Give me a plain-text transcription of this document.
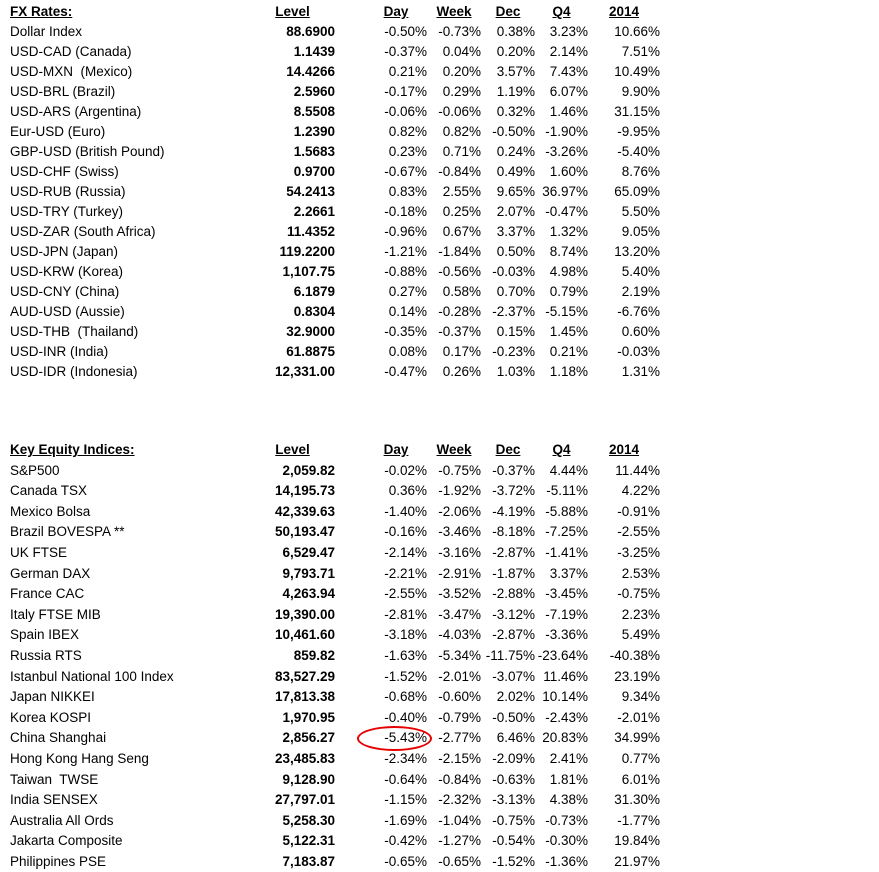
FX Rates:	Level		Day	Week	Dec	Q4	2014
Dollar Index	88.6900		-0.50%	-0.73%	0.38%	3.23%	10.66%
USD-CAD (Canada)	1.1439		-0.37%	0.04%	0.20%	2.14%	7.51%
USD-MXN  (Mexico)	14.4266		0.21%	0.20%	3.57%	7.43%	10.49%
USD-BRL (Brazil)	2.5960		-0.17%	0.29%	1.19%	6.07%	9.90%
USD-ARS (Argentina)	8.5508		-0.06%	-0.06%	0.32%	1.46%	31.15%
Eur-USD (Euro)	1.2390		0.82%	0.82%	-0.50%	-1.90%	-9.95%
GBP-USD (British Pound)	1.5683		0.23%	0.71%	0.24%	-3.26%	-5.40%
USD-CHF (Swiss)	0.9700		-0.67%	-0.84%	0.49%	1.60%	8.76%
USD-RUB (Russia)	54.2413		0.83%	2.55%	9.65%	36.97%	65.09%
USD-TRY (Turkey)	2.2661		-0.18%	0.25%	2.07%	-0.47%	5.50%
USD-ZAR (South Africa)	11.4352		-0.96%	0.67%	3.37%	1.32%	9.05%
USD-JPN (Japan)	119.2200		-1.21%	-1.84%	0.50%	8.74%	13.20%
USD-KRW (Korea)	1,107.75		-0.88%	-0.56%	-0.03%	4.98%	5.40%
USD-CNY (China)	6.1879		0.27%	0.58%	0.70%	0.79%	2.19%
AUD-USD (Aussie)	0.8304		0.14%	-0.28%	-2.37%	-5.15%	-6.76%
USD-THB  (Thailand)	32.9000		-0.35%	-0.37%	0.15%	1.45%	0.60%
USD-INR (India)	61.8875		0.08%	0.17%	-0.23%	0.21%	-0.03%
USD-IDR (Indonesia)	12,331.00		-0.47%	0.26%	1.03%	1.18%	1.31%
Key Equity Indices:	Level		Day	Week	Dec	Q4	2014
S&P500	2,059.82		-0.02%	-0.75%	-0.37%	4.44%	11.44%
Canada TSX	14,195.73		0.36%	-1.92%	-3.72%	-5.11%	4.22%
Mexico Bolsa	42,339.63		-1.40%	-2.06%	-4.19%	-5.88%	-0.91%
Brazil BOVESPA **	50,193.47		-0.16%	-3.46%	-8.18%	-7.25%	-2.55%
UK FTSE	6,529.47		-2.14%	-3.16%	-2.87%	-1.41%	-3.25%
German DAX	9,793.71		-2.21%	-2.91%	-1.87%	3.37%	2.53%
France CAC	4,263.94		-2.55%	-3.52%	-2.88%	-3.45%	-0.75%
Italy FTSE MIB	19,390.00		-2.81%	-3.47%	-3.12%	-7.19%	2.23%
Spain IBEX	10,461.60		-3.18%	-4.03%	-2.87%	-3.36%	5.49%
Russia RTS	859.82		-1.63%	-5.34%	-11.75%	-23.64%	-40.38%
Istanbul National 100 Index	83,527.29		-1.52%	-2.01%	-3.07%	11.46%	23.19%
Japan NIKKEI	17,813.38		-0.68%	-0.60%	2.02%	10.14%	9.34%
Korea KOSPI	1,970.95		-0.40%	-0.79%	-0.50%	-2.43%	-2.01%
China Shanghai	2,856.27		-5.43%	-2.77%	6.46%	20.83%	34.99%
Hong Kong Hang Seng	23,485.83		-2.34%	-2.15%	-2.09%	2.41%	0.77%
Taiwan  TWSE	9,128.90		-0.64%	-0.84%	-0.63%	1.81%	6.01%
India SENSEX	27,797.01		-1.15%	-2.32%	-3.13%	4.38%	31.30%
Australia All Ords	5,258.30		-1.69%	-1.04%	-0.75%	-0.73%	-1.77%
Jakarta Composite	5,122.31		-0.42%	-1.27%	-0.54%	-0.30%	19.84%
Philippines PSE	7,183.87		-0.65%	-0.65%	-1.52%	-1.36%	21.97%
